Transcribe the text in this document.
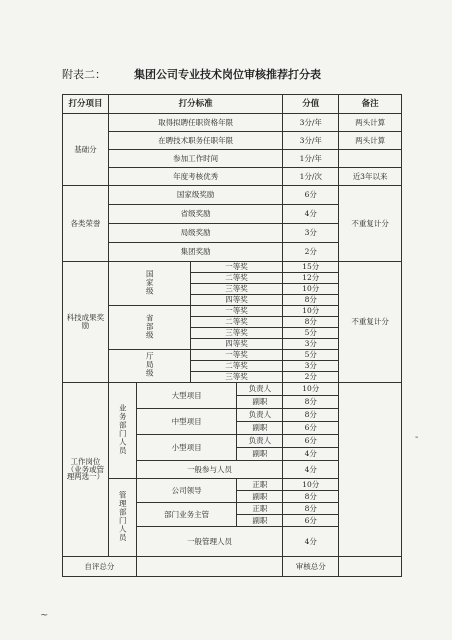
附表二：	集团公司专业技术岗位审核推荐打分表
打分项目	打分标准				分值	备注
基础分	取得拟聘任职资格年限				3分/年	两头计算
	在聘技术职务任职年限				3分/年	两头计算
	参加工作时间				1分/年	
	年度考核优秀				1分/次	近3年以来
各类荣誉	国家级奖励				6分	不重复计分
	省级奖励				4分	
	局级奖励				3分	
	集团奖励				2分	
科技成果奖励	国家级		一等奖		15分	不重复计分
			二等奖		12分	
			三等奖		10分	
			四等奖		8分	
	省部级		一等奖		10分	
			二等奖		8分	
			三等奖		5分	
			四等奖		3分	
	厅局级		一等奖		5分	
			二等奖		3分	
			三等奖		2分	
工作岗位（业务或管理两选一）	业务部门人员	大型项目		负责人	10分	
				副职	8分	
		中型项目		负责人	8分	
				副职	6分	
		小型项目		负责人	6分	
				副职	4分	
		一般参与人员			4分	
	管理部门人员	公司领导		正职	10分	
				副职	8分	
		部门业务主管		正职	8分	
				副职	6分	
		一般管理人员			4分	
自评总分					审核总分	
-
~
